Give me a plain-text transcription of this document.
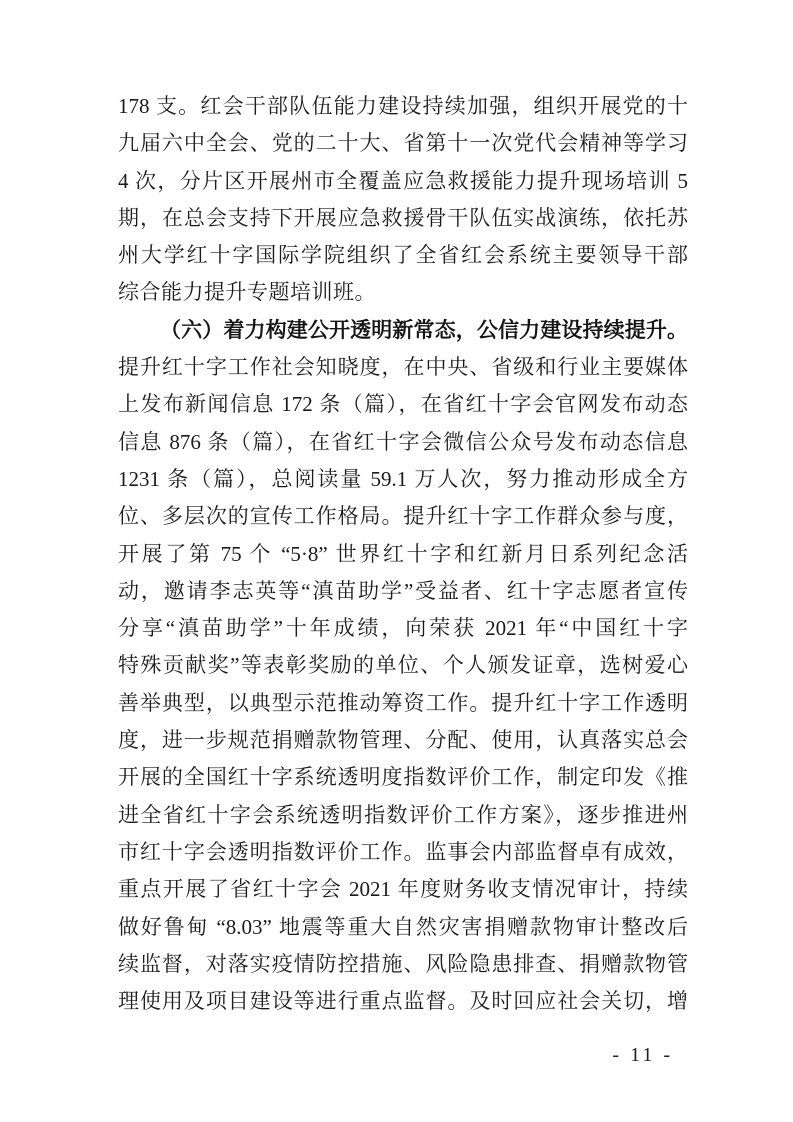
178 支。红会干部队伍能力建设持续加强，组织开展党的十
九届六中全会、党的二十大、省第十一次党代会精神等学习
4 次，分片区开展州市全覆盖应急救援能力提升现场培训 5
期，在总会支持下开展应急救援骨干队伍实战演练，依托苏
州大学红十字国际学院组织了全省红会系统主要领导干部
综合能力提升专题培训班。
（六）着力构建公开透明新常态，公信力建设持续提升。
提升红十字工作社会知晓度，在中央、省级和行业主要媒体
上发布新闻信息 172 条（篇），在省红十字会官网发布动态
信息 876 条（篇），在省红十字会微信公众号发布动态信息
1231 条（篇），总阅读量 59.1 万人次，努力推动形成全方
位、多层次的宣传工作格局。提升红十字工作群众参与度，
开展了第 75 个 “5·8” 世界红十字和红新月日系列纪念活
动，邀请李志英等“滇苗助学”受益者、红十字志愿者宣传
分享“滇苗助学”十年成绩，向荣获 2021 年“中国红十字
特殊贡献奖”等表彰奖励的单位、个人颁发证章，选树爱心
善举典型，以典型示范推动筹资工作。提升红十字工作透明
度，进一步规范捐赠款物管理、分配、使用，认真落实总会
开展的全国红十字系统透明度指数评价工作，制定印发《推
进全省红十字会系统透明指数评价工作方案》，逐步推进州
市红十字会透明指数评价工作。监事会内部监督卓有成效，
重点开展了省红十字会 2021 年度财务收支情况审计，持续
做好鲁甸 “8.03” 地震等重大自然灾害捐赠款物审计整改后
续监督，对落实疫情防控措施、风险隐患排查、捐赠款物管
理使用及项目建设等进行重点监督。及时回应社会关切，增
- 11 -
